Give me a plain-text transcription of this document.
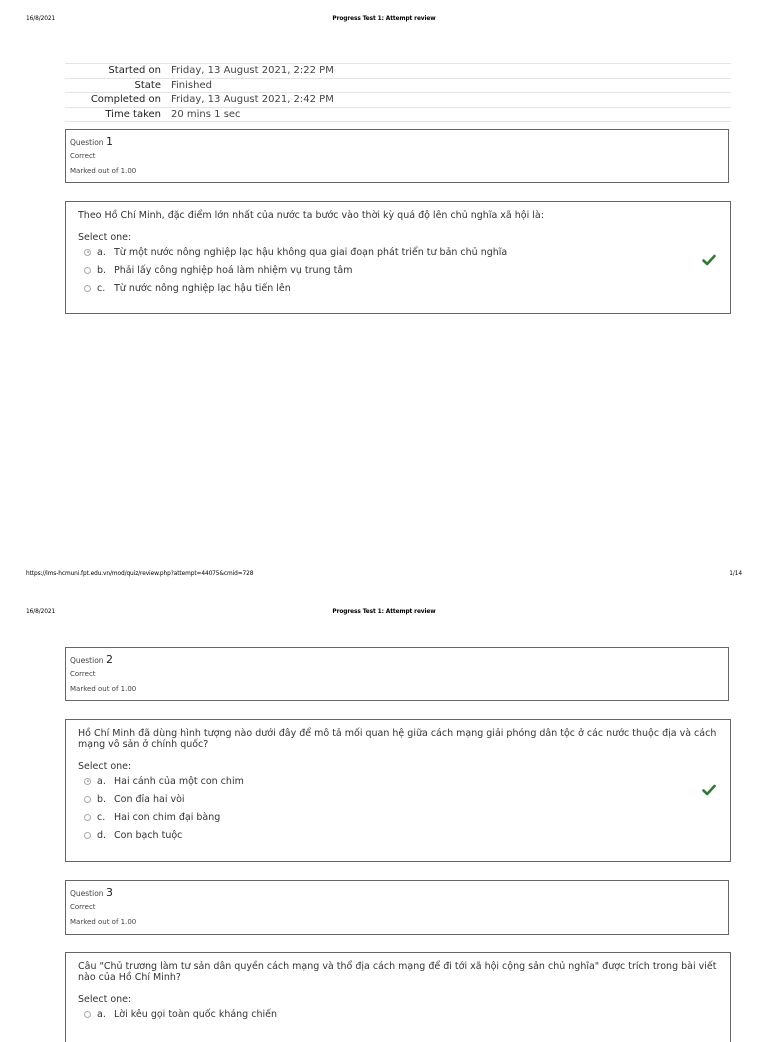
16/8/2021	Progress Test 1: Attempt review
Started on	Friday, 13 August 2021, 2:22 PM
State	Finished
Completed on	Friday, 13 August 2021, 2:42 PM
Time taken	20 mins 1 sec
Question 1
Correct
Marked out of 1.00
Theo Hồ Chí Minh, đặc điểm lớn nhất của nước ta bước vào thời kỳ quá độ lên chủ nghĩa xã hội là:
Select one:
a. Từ một nước nông nghiệp lạc hậu không qua giai đoạn phát triển tư bản chủ nghĩa
b. Phải lấy công nghiệp hoá làm nhiệm vụ trung tâm
c. Từ nước nông nghiệp lạc hậu tiến lên
https://lms-hcmuni.fpt.edu.vn/mod/quiz/review.php?attempt=44075&cmid=728	1/14
16/8/2021	Progress Test 1: Attempt review
Question 2
Correct
Marked out of 1.00
Hồ Chí Minh đã dùng hình tượng nào dưới đây để mô tả mối quan hệ giữa cách mạng giải phóng dân tộc ở các nước thuộc địa và cách mạng vô sản ở chính quốc?
Select one:
a. Hai cánh của một con chim
b. Con đỉa hai vòi
c. Hai con chim đại bàng
d. Con bạch tuộc
Question 3
Correct
Marked out of 1.00
Câu "Chủ trương làm tư sản dân quyền cách mạng và thổ địa cách mạng để đi tới xã hội cộng sản chủ nghĩa" được trích trong bài viết nào của Hồ Chí Minh?
Select one:
a. Lời kêu gọi toàn quốc kháng chiến
